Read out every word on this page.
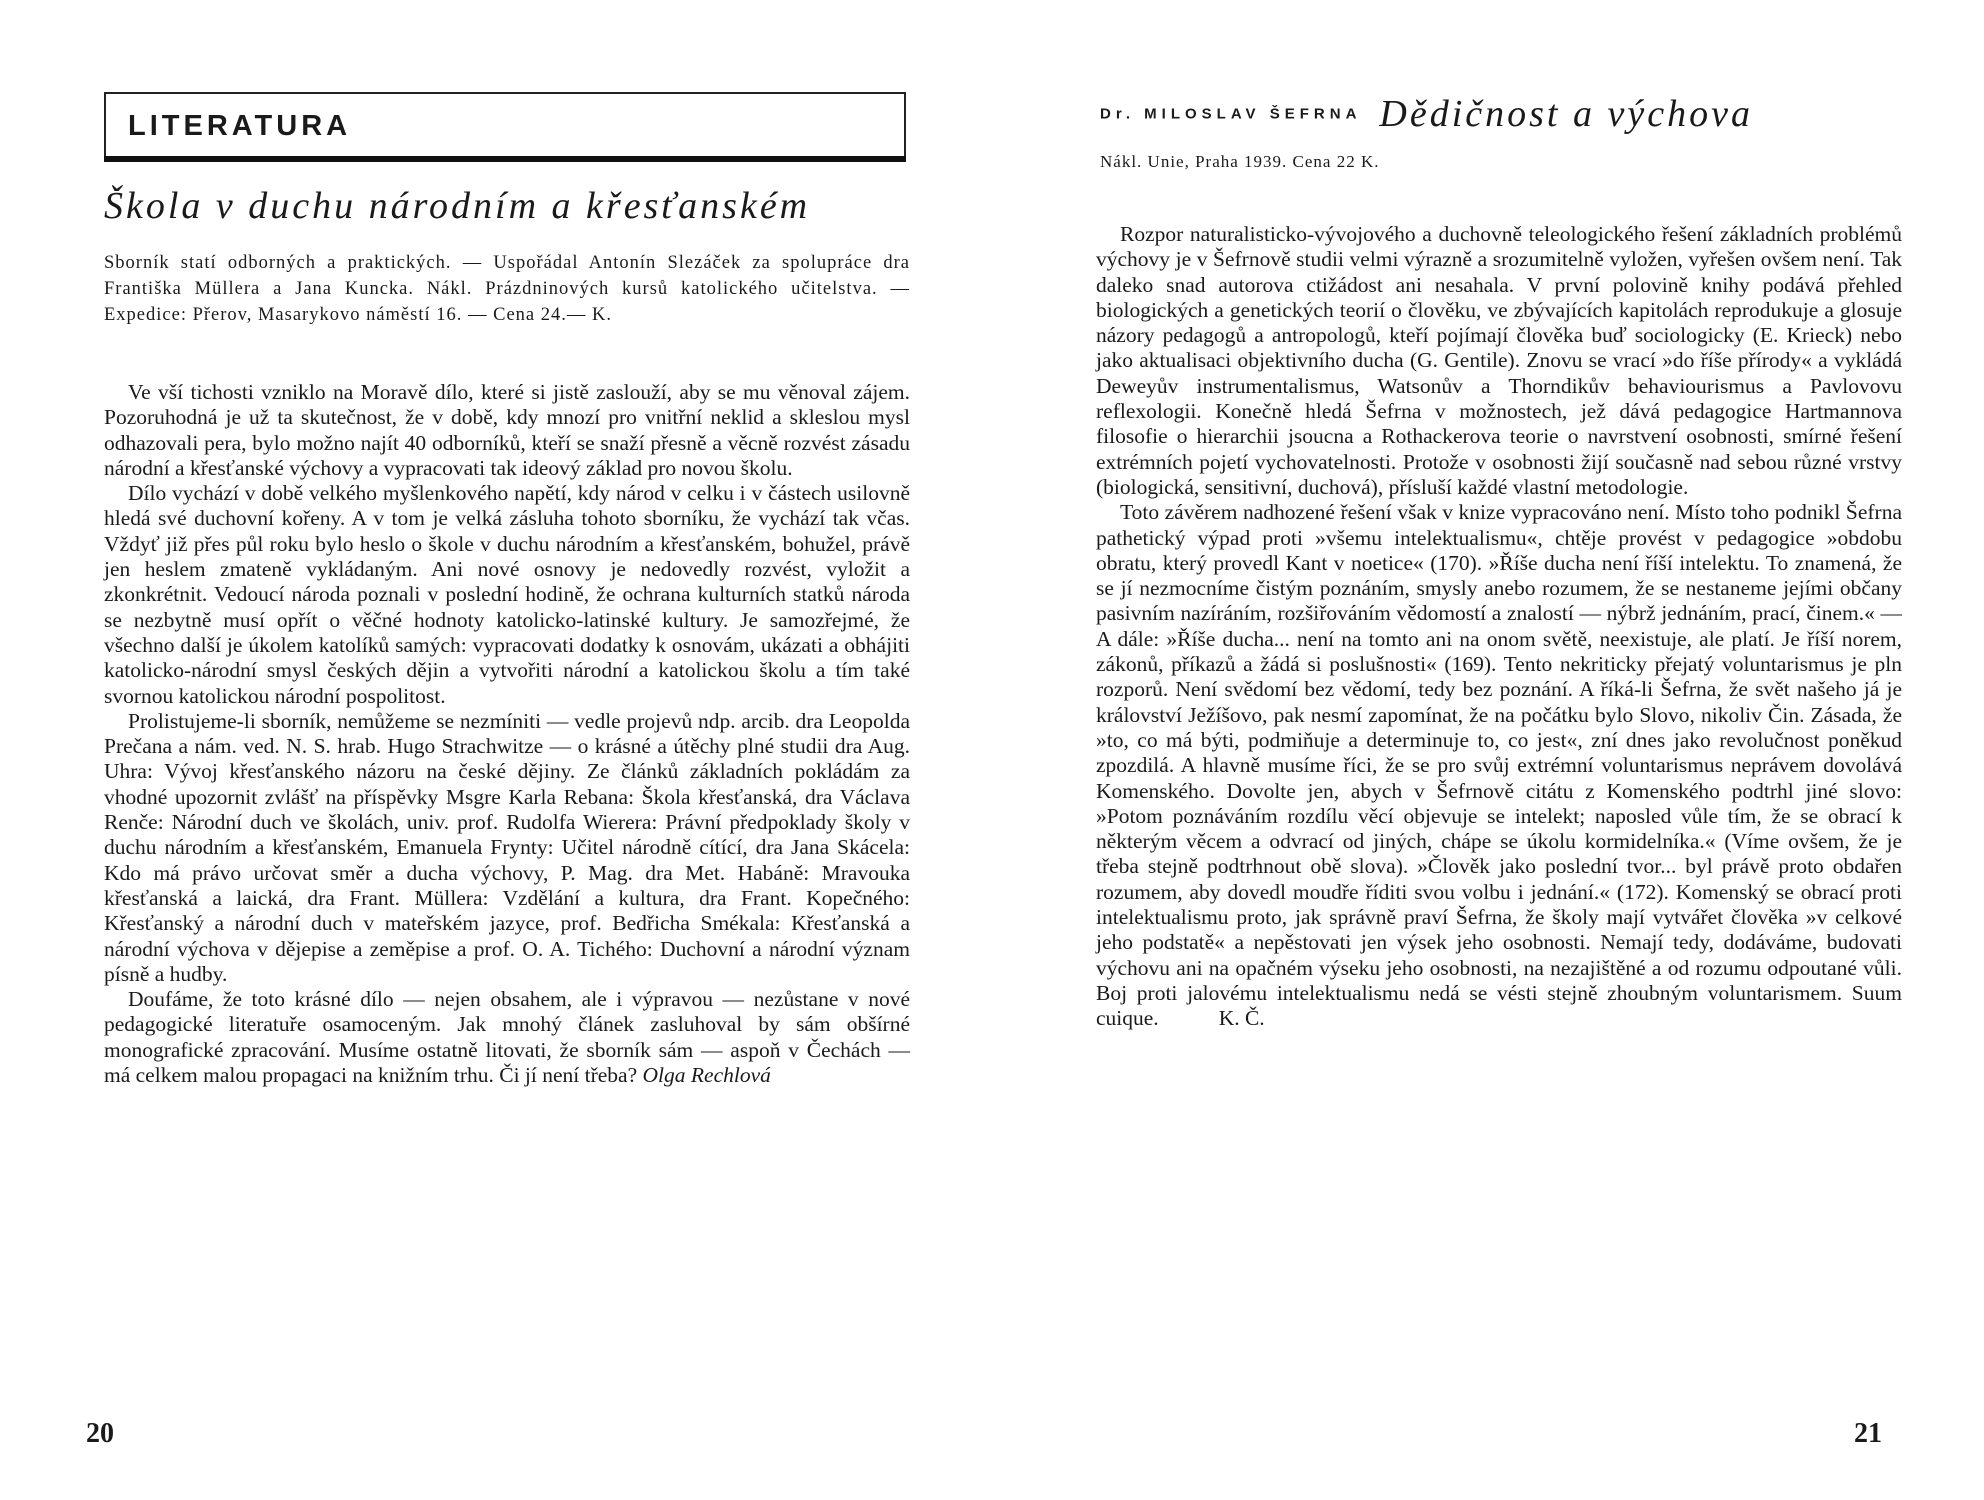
LITERATURA
Škola v duchu národním a křesťanském
Sborník statí odborných a praktických. — Uspořádal Antonín Slezáček za spolupráce dra Františka Müllera a Jana Kuncka. Nákl. Prázdninových kursů katolického učitelstva. — Expedice: Přerov, Masarykovo náměstí 16. — Cena 24.— K.

Ve vší tichosti vzniklo na Moravě dílo, které si jistě zaslouží, aby se mu věnoval zájem. Pozoruhodná je už ta skutečnost, že v době, kdy mnozí pro vnitřní neklid a skleslou mysl odhazovali pera, bylo možno najít 40 odborníků, kteří se snaží přesně a věcně rozvést zásadu národní a křesťanské výchovy a vypracovati tak ideový základ pro novou školu.

Dílo vychází v době velkého myšlenkového napětí, kdy národ v celku i v částech usilovně hledá své duchovní kořeny. A v tom je velká zásluha tohoto sborníku, že vychází tak včas. Vždyť již přes půl roku bylo heslo o škole v duchu národním a křesťanském, bohužel, právě jen heslem zmateně vykládaným. Ani nové osnovy je nedovedly rozvést, vyložit a zkonkrétnit. Vedoucí národa poznali v poslední hodině, že ochrana kulturních statků národa se nezbytně musí opřít o věčné hodnoty katolicko-latinské kultury. Je samozřejmé, že všechno další je úkolem katolíků samých: vypracovati dodatky k osnovám, ukázati a obhájiti katolicko-národní smysl českých dějin a vytvořiti národní a katolickou školu a tím také svornou katolickou národní pospolitost.

Prolistujeme-li sborník, nemůžeme se nezmíniti — vedle projevů ndp. arcib. dra Leopolda Prečana a nám. ved. N. S. hrab. Hugo Strachwitze — o krásné a útěchy plné studii dra Aug. Uhra: Vývoj křesťanského názoru na české dějiny. Ze článků základních pokládám za vhodné upozornit zvlášť na příspěvky Msgre Karla Rebana: Škola křesťanská, dra Václava Renče: Národní duch ve školách, univ. prof. Rudolfa Wierera: Právní předpoklady školy v duchu národním a křesťanském, Emanuela Frynty: Učitel národně cítící, dra Jana Skácela: Kdo má právo určovat směr a ducha výchovy, P. Mag. dra Met. Habáně: Mravouka křesťanská a laická, dra Frant. Müllera: Vzdělání a kultura, dra Frant. Kopečného: Křesťanský a národní duch v mateřském jazyce, prof. Bedřicha Smékala: Křesťanská a národní výchova v dějepise a zeměpise a prof. O. A. Tichého: Duchovní a národní význam písně a hudby.

Doufáme, že toto krásné dílo — nejen obsahem, ale i výpravou — nezůstane v nové pedagogické literatuře osamoceným. Jak mnohý článek zasluhoval by sám obšírné monografické zpracování. Musíme ostatně litovati, že sborník sám — aspoň v Čechách — má celkem malou propagaci na knižním trhu. Či jí není třeba? Olga Rechlová

20
Dr. MILOSLAV ŠEFRNA Dědičnost a výchova
Nákl. Unie, Praha 1939. Cena 22 K.

Rozpor naturalisticko-vývojového a duchovně teleologického řešení základních problémů výchovy je v Šefrnově studii velmi výrazně a srozumitelně vyložen, vyřešen ovšem není. Tak daleko snad autorova ctižádost ani nesahala. V první polovině knihy podává přehled biologických a genetických teorií o člověku, ve zbývajících kapitolách reprodukuje a glosuje názory pedagogů a antropologů, kteří pojímají člověka buď sociologicky (E. Krieck) nebo jako aktualisaci objektivního ducha (G. Gentile). Znovu se vrací »do říše přírody« a vykládá Deweyův instrumentalismus, Watsonův a Thorndikův behaviourismus a Pavlovovu reflexologii. Konečně hledá Šefrna v možnostech, jež dává pedagogice Hartmannova filosofie o hierarchii jsoucna a Rothackerova teorie o navrstvení osobnosti, smírné řešení extrémních pojetí vychovatelnosti. Protože v osobnosti žijí současně nad sebou různé vrstvy (biologická, sensitivní, duchová), přísluší každé vlastní metodologie.

Toto závěrem nadhozené řešení však v knize vypracováno není. Místo toho podnikl Šefrna pathetický výpad proti »všemu intelektualismu«, chtěje provést v pedagogice »obdobu obratu, který provedl Kant v noetice« (170). »Říše ducha není říší intelektu. To znamená, že se jí nezmocníme čistým poznáním, smysly anebo rozumem, že se nestaneme jejími občany pasivním nazíráním, rozšiřováním vědomostí a znalostí — nýbrž jednáním, prací, činem.« — A dále: »Říše ducha... není na tomto ani na onom světě, neexistuje, ale platí. Je říší norem, zákonů, příkazů a žádá si poslušnosti« (169). Tento nekriticky přejatý voluntarismus je pln rozporů. Není svědomí bez vědomí, tedy bez poznání. A říká-li Šefrna, že svět našeho já je království Ježíšovo, pak nesmí zapomínat, že na počátku bylo Slovo, nikoliv Čin. Zásada, že »to, co má býti, podmiňuje a determinuje to, co jest«, zní dnes jako revolučnost poněkud zpozdilá. A hlavně musíme říci, že se pro svůj extrémní voluntarismus neprávem dovolává Komenského. Dovolte jen, abych v Šefrnově citátu z Komenského podtrhl jiné slovo: »Potom poznáváním rozdílu věcí objevuje se intelekt; naposled vůle tím, že se obrací k některým věcem a odvrací od jiných, chápe se úkolu kormidelníka.« (Víme ovšem, že je třeba stejně podtrhnout obě slova). »Člověk jako poslední tvor... byl právě proto obdařen rozumem, aby dovedl moudře říditi svou volbu i jednání.« (172). Komenský se obrací proti intelektualismu proto, jak správně praví Šefrna, že školy mají vytvářet člověka »v celkové jeho podstatě« a nepěstovati jen výsek jeho osobnosti. Nemají tedy, dodáváme, budovati výchovu ani na opačném výseku jeho osobnosti, na nezajištěné a od rozumu odpoutané vůli. Boj proti jalovému intelektualismu nedá se vésti stejně zhoubným voluntarismem. Suum cuique.	K. Č.

21
